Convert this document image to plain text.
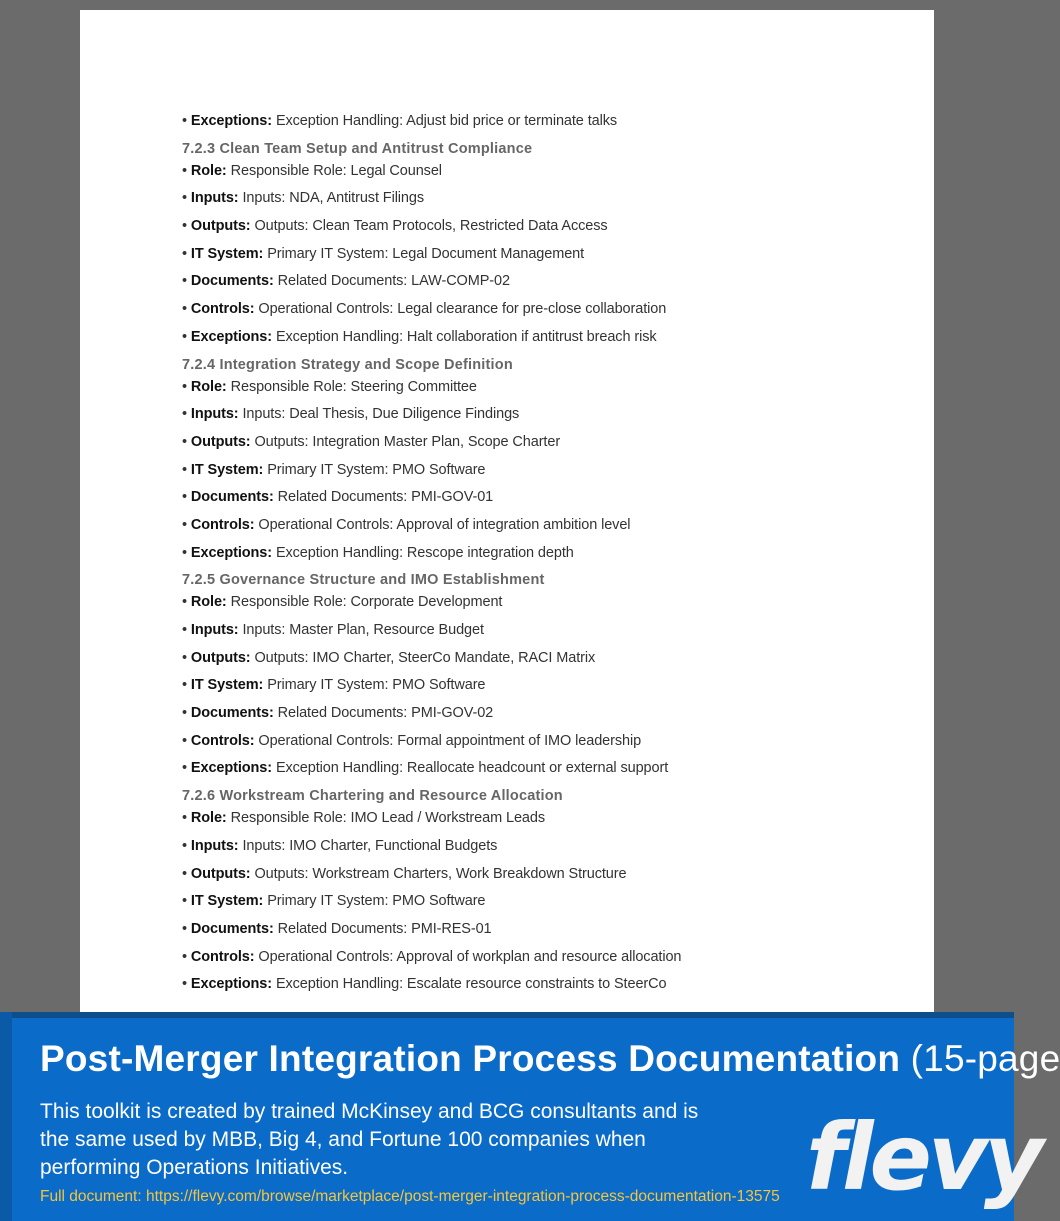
• Exceptions: Exception Handling: Adjust bid price or terminate talks
7.2.3 Clean Team Setup and Antitrust Compliance
• Role: Responsible Role: Legal Counsel
• Inputs: Inputs: NDA, Antitrust Filings
• Outputs: Outputs: Clean Team Protocols, Restricted Data Access
• IT System: Primary IT System: Legal Document Management
• Documents: Related Documents: LAW-COMP-02
• Controls: Operational Controls: Legal clearance for pre-close collaboration
• Exceptions: Exception Handling: Halt collaboration if antitrust breach risk
7.2.4 Integration Strategy and Scope Definition
• Role: Responsible Role: Steering Committee
• Inputs: Inputs: Deal Thesis, Due Diligence Findings
• Outputs: Outputs: Integration Master Plan, Scope Charter
• IT System: Primary IT System: PMO Software
• Documents: Related Documents: PMI-GOV-01
• Controls: Operational Controls: Approval of integration ambition level
• Exceptions: Exception Handling: Rescope integration depth
7.2.5 Governance Structure and IMO Establishment
• Role: Responsible Role: Corporate Development
• Inputs: Inputs: Master Plan, Resource Budget
• Outputs: Outputs: IMO Charter, SteerCo Mandate, RACI Matrix
• IT System: Primary IT System: PMO Software
• Documents: Related Documents: PMI-GOV-02
• Controls: Operational Controls: Formal appointment of IMO leadership
• Exceptions: Exception Handling: Reallocate headcount or external support
7.2.6 Workstream Chartering and Resource Allocation
• Role: Responsible Role: IMO Lead / Workstream Leads
• Inputs: Inputs: IMO Charter, Functional Budgets
• Outputs: Outputs: Workstream Charters, Work Breakdown Structure
• IT System: Primary IT System: PMO Software
• Documents: Related Documents: PMI-RES-01
• Controls: Operational Controls: Approval of workplan and resource allocation
• Exceptions: Exception Handling: Escalate resource constraints to SteerCo
Post-Merger Integration Process Documentation (15-page
This toolkit is created by trained McKinsey and BCG consultants and is the same used by MBB, Big 4, and Fortune 100 companies when performing Operations Initiatives.
Full document: https://flevy.com/browse/marketplace/post-merger-integration-process-documentation-13575 flevy
